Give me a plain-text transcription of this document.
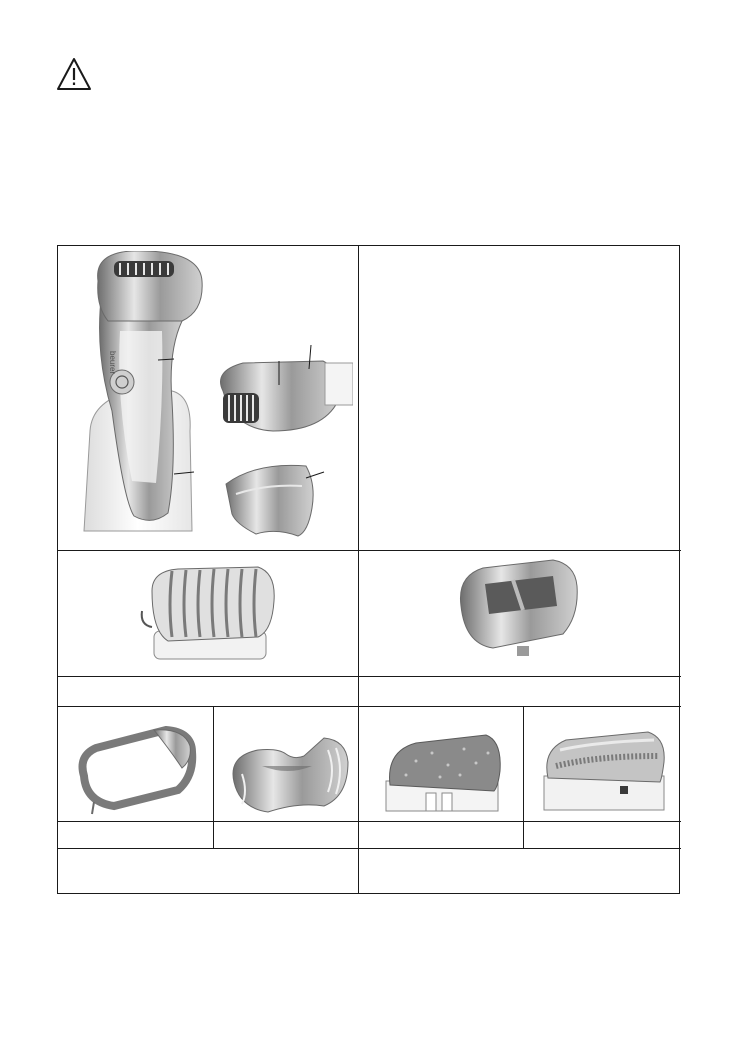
beurer
